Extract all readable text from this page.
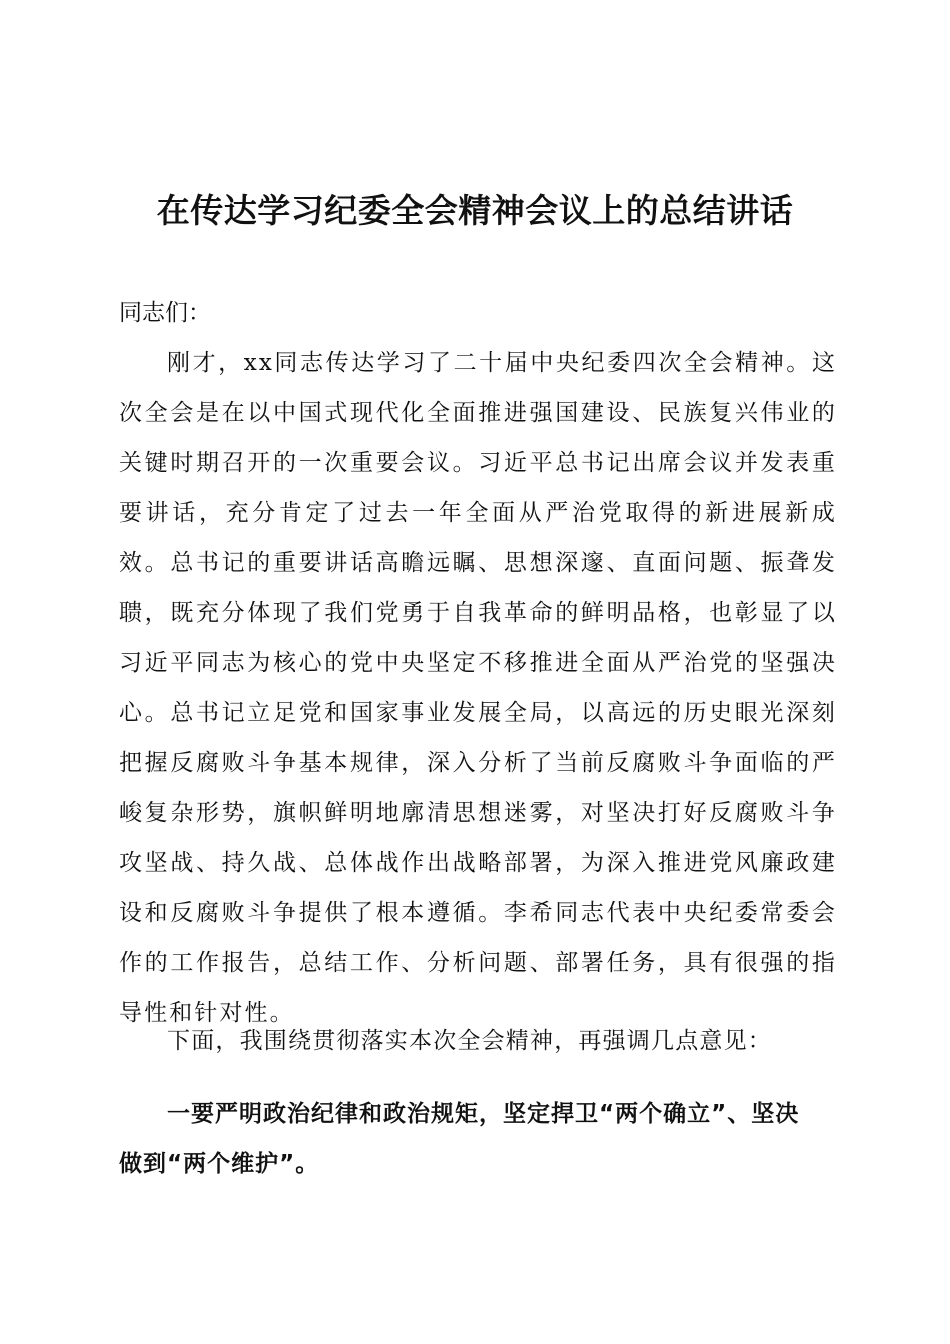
在传达学习纪委全会精神会议上的总结讲话

同志们：

刚才，xx同志传达学习了二十届中央纪委四次全会精神。这次全会是在以中国式现代化全面推进强国建设、民族复兴伟业的关键时期召开的一次重要会议。习近平总书记出席会议并发表重要讲话，充分肯定了过去一年全面从严治党取得的新进展新成效。总书记的重要讲话高瞻远瞩、思想深邃、直面问题、振聋发聩，既充分体现了我们党勇于自我革命的鲜明品格，也彰显了以习近平同志为核心的党中央坚定不移推进全面从严治党的坚强决心。总书记立足党和国家事业发展全局，以高远的历史眼光深刻把握反腐败斗争基本规律，深入分析了当前反腐败斗争面临的严峻复杂形势，旗帜鲜明地廓清思想迷雾，对坚决打好反腐败斗争攻坚战、持久战、总体战作出战略部署，为深入推进党风廉政建设和反腐败斗争提供了根本遵循。李希同志代表中央纪委常委会作的工作报告，总结工作、分析问题、部署任务，具有很强的指导性和针对性。

下面，我围绕贯彻落实本次全会精神，再强调几点意见：

一要严明政治纪律和政治规矩，坚定捍卫“两个确立”、坚决做到“两个维护”。
